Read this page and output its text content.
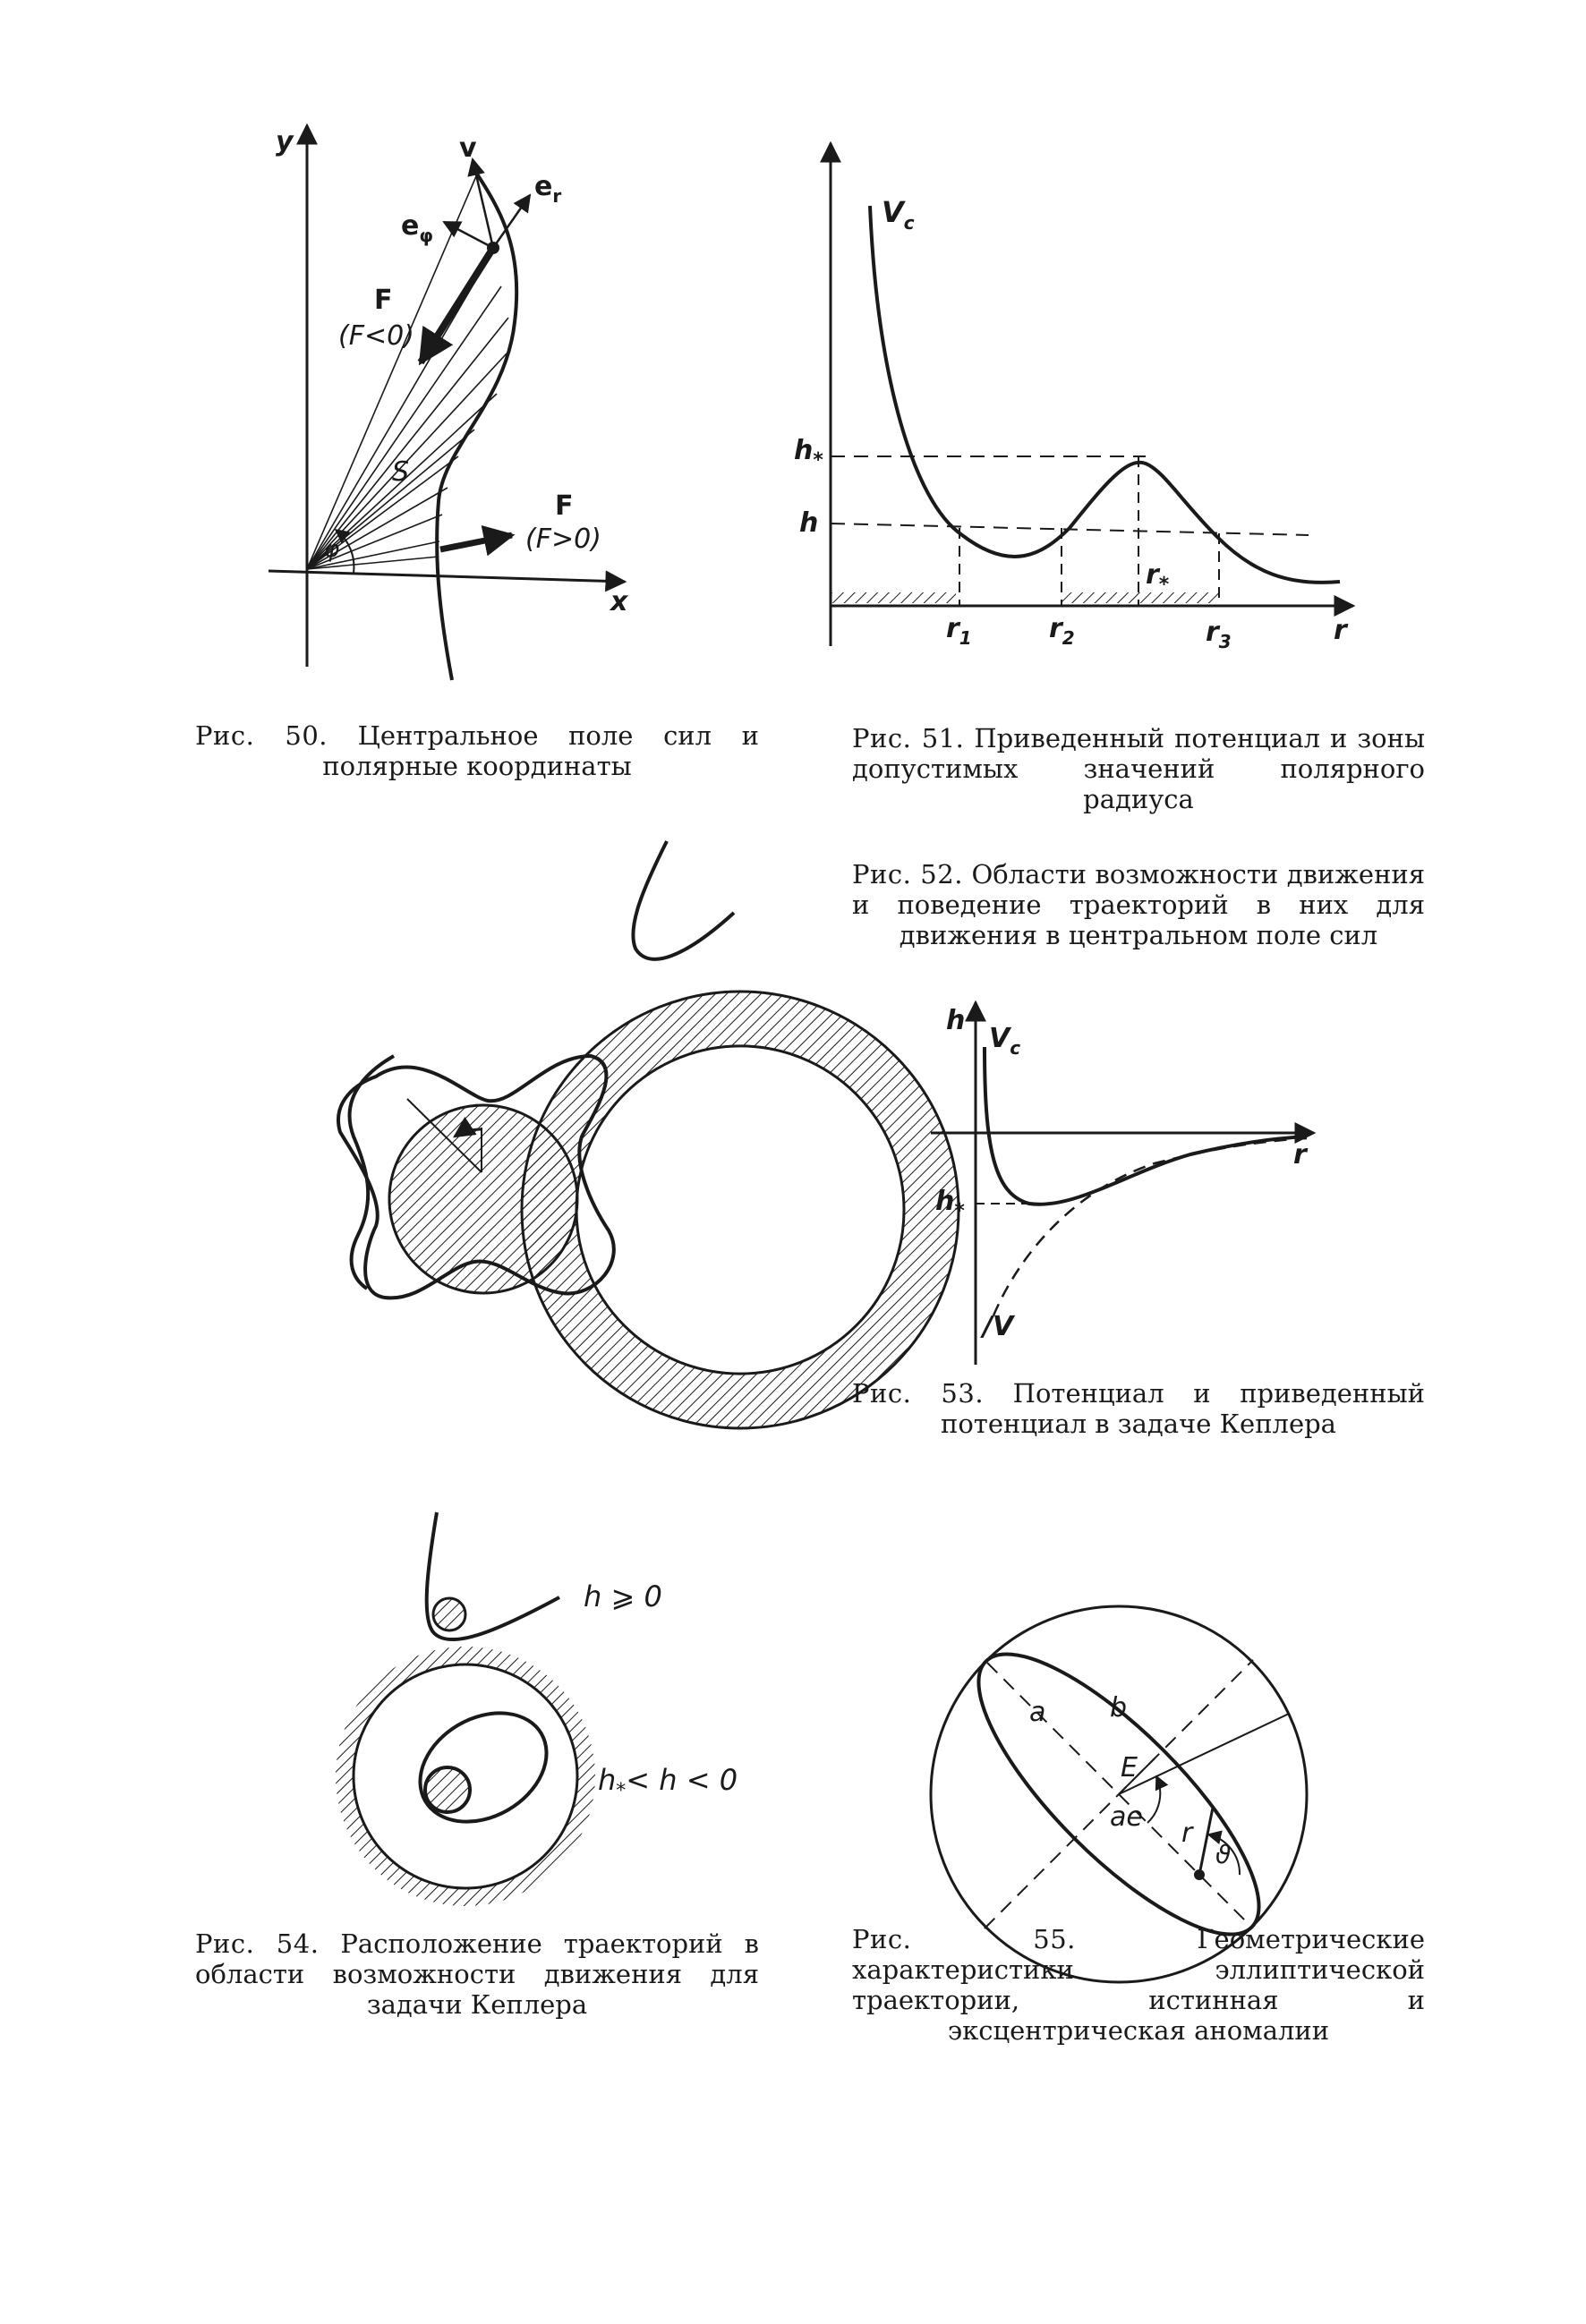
y
x
v
$e_r$
$e_\varphi$
F
(F<0)
S
F
(F>0)
φ
$V_c$
$h_*$
h
$r_1$	$r_2$
$r_*$
$r_3$	r
h
$V_c$
r
$h_*$
/V
h ⩾ 0
$h_*< h < 0$
a b
E
ae
r
ϑ
Рис. 50. Центральное поле сил и полярные координаты
Рис. 51. Приведенный потенциал и зоны допустимых значений полярного радиуса
Рис. 52. Области возможности движения и поведение траекторий в них для движения в центральном поле сил
Рис. 53. Потенциал и приведенный потенциал в задаче Кеплера
Рис. 54. Расположение траекторий в области возможности движения для задачи Кеплера
Рис. 55.	Геометрические характеристики эллиптической траектории, истинная и эксцентрическая аномалии
